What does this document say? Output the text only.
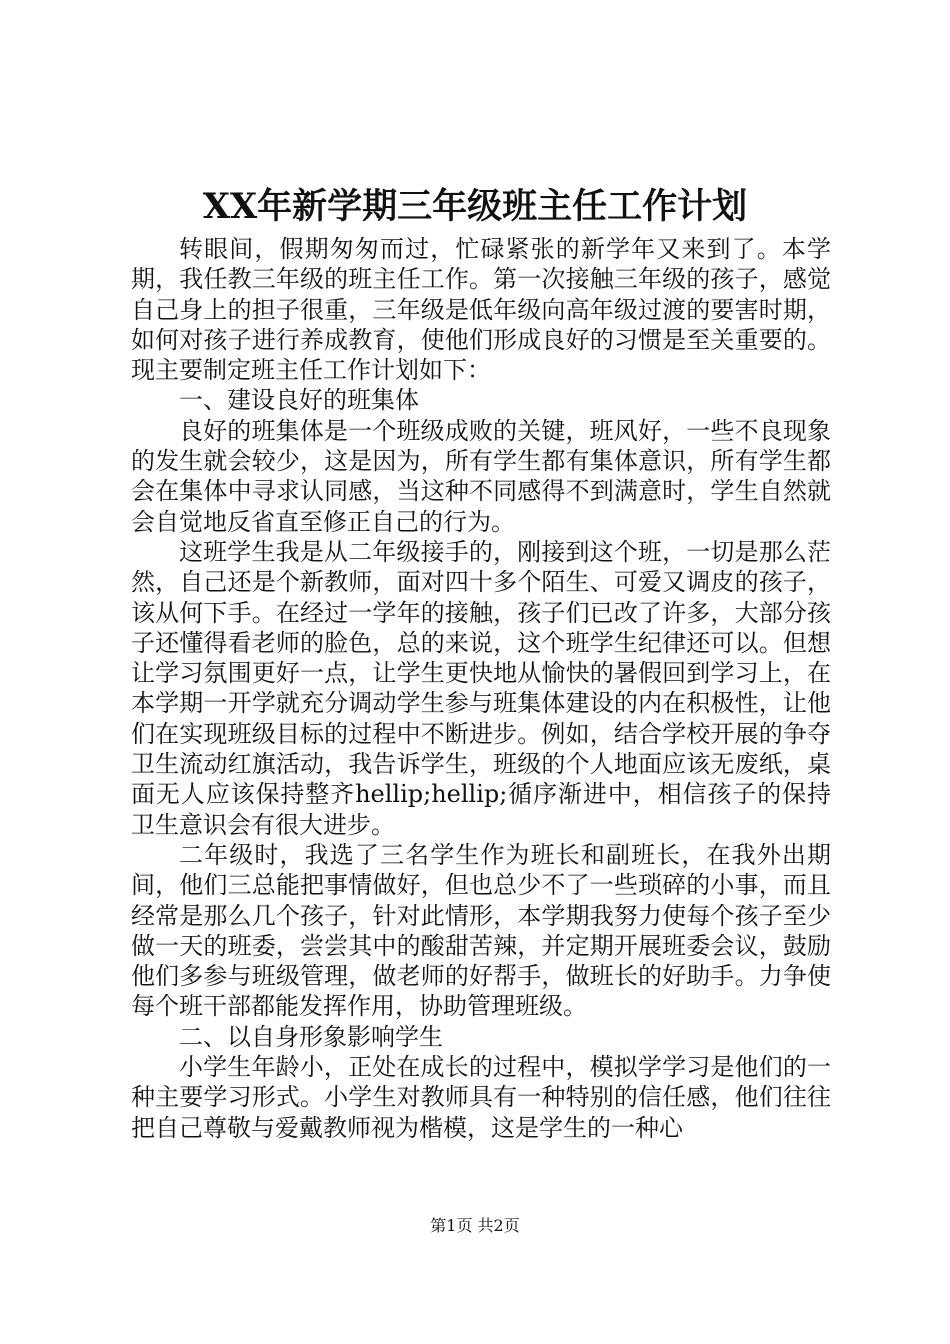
XX年新学期三年级班主任工作计划

转眼间，假期匆匆而过，忙碌紧张的新学年又来到了。本学期，我任教三年级的班主任工作。第一次接触三年级的孩子，感觉自己身上的担子很重，三年级是低年级向高年级过渡的要害时期，如何对孩子进行养成教育，使他们形成良好的习惯是至关重要的。现主要制定班主任工作计划如下：

一、建设良好的班集体

良好的班集体是一个班级成败的关键，班风好，一些不良现象的发生就会较少，这是因为，所有学生都有集体意识，所有学生都会在集体中寻求认同感，当这种不同感得不到满意时，学生自然就会自觉地反省直至修正自己的行为。

这班学生我是从二年级接手的，刚接到这个班，一切是那么茫然，自己还是个新教师，面对四十多个陌生、可爱又调皮的孩子，该从何下手。在经过一学年的接触，孩子们已改了许多，大部分孩子还懂得看老师的脸色，总的来说，这个班学生纪律还可以。但想让学习氛围更好一点，让学生更快地从愉快的暑假回到学习上，在本学期一开学就充分调动学生参与班集体建设的内在积极性，让他们在实现班级目标的过程中不断进步。例如，结合学校开展的争夺卫生流动红旗活动，我告诉学生，班级的个人地面应该无废纸，桌面无人应该保持整齐hellip;hellip;循序渐进中，相信孩子的保持卫生意识会有很大进步。

二年级时，我选了三名学生作为班长和副班长，在我外出期间，他们三总能把事情做好，但也总少不了一些琐碎的小事，而且经常是那么几个孩子，针对此情形，本学期我努力使每个孩子至少做一天的班委，尝尝其中的酸甜苦辣，并定期开展班委会议，鼓励他们多参与班级管理，做老师的好帮手，做班长的好助手。力争使每个班干部都能发挥作用，协助管理班级。

二、以自身形象影响学生

小学生年龄小，正处在成长的过程中，模拟学学习是他们的一种主要学习形式。小学生对教师具有一种特别的信任感，他们往往把自己尊敬与爱戴教师视为楷模，这是学生的一种心

第1页 共2页
